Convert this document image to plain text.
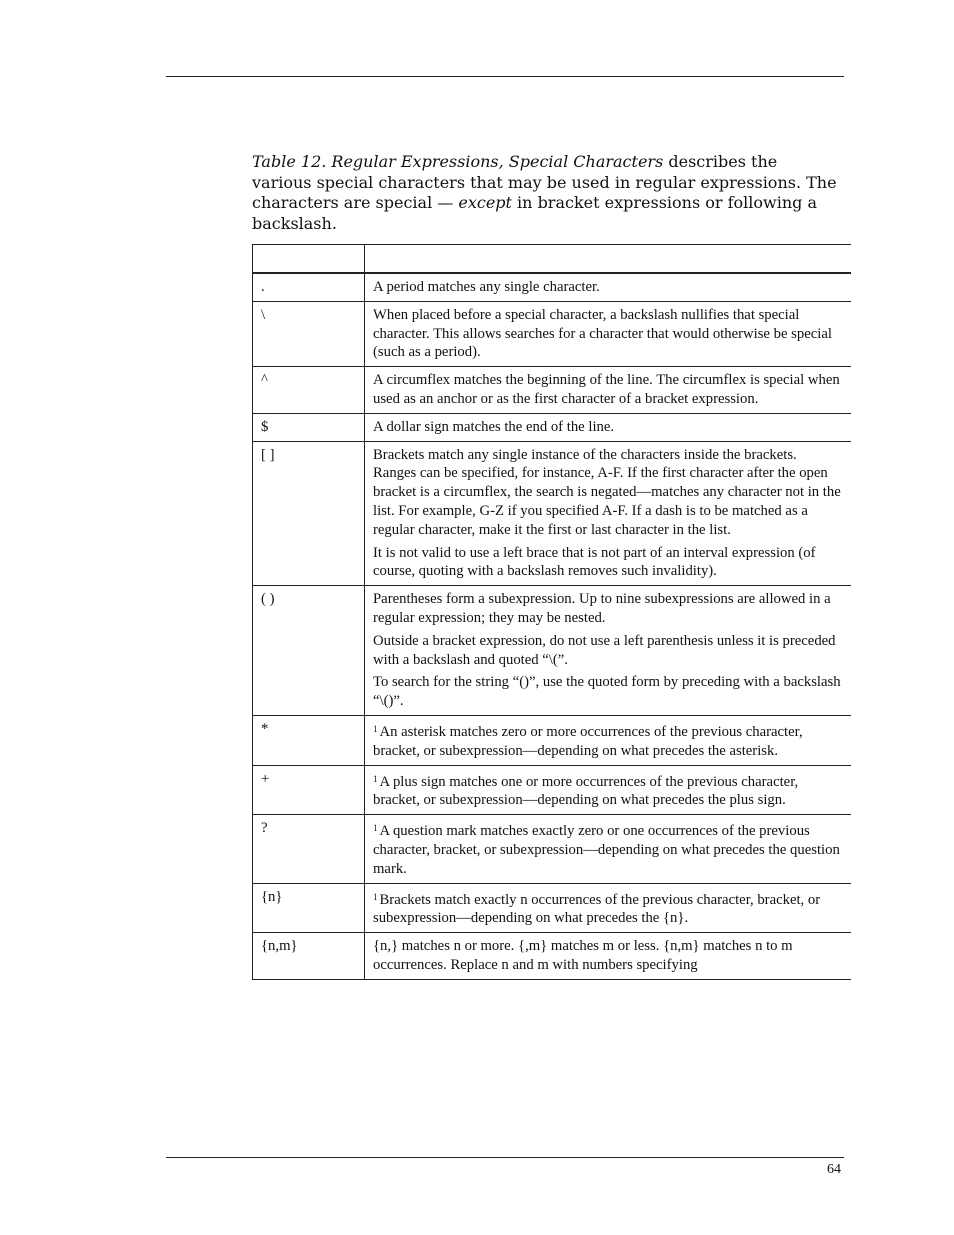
Table 12. Regular Expressions, Special Characters describes the various special characters that may be used in regular expressions. The characters are special — except in bracket expressions or following a backslash.

.	A period matches any single character.

\	When placed before a special character, a backslash nullifies that special character. This allows searches for a character that would otherwise be special (such as a period).

^	A circumflex matches the beginning of the line. The circumflex is special when used as an anchor or as the first character of a bracket expression.

$	A dollar sign matches the end of the line.

[ ]	Brackets match any single instance of the characters inside the brackets. Ranges can be specified, for instance, A-F. If the first character after the open bracket is a circumflex, the search is negated—matches any character not in the list. For example, G-Z if you specified A-F. If a dash is to be matched as a regular character, make it the first or last character in the list.

It is not valid to use a left brace that is not part of an interval expression (of course, quoting with a backslash removes such invalidity).

( )	Parentheses form a subexpression. Up to nine subexpressions are allowed in a regular expression; they may be nested.

Outside a bracket expression, do not use a left parenthesis unless it is preceded with a backslash and quoted “\(”.

To search for the string “()”, use the quoted form by preceding with a backslash “\()”.

*	$^1$ An asterisk matches zero or more occurrences of the previous character, bracket, or subexpression—depending on what precedes the asterisk.

+	$^1$ A plus sign matches one or more occurrences of the previous character, bracket, or subexpression—depending on what precedes the plus sign.

?	$^1$ A question mark matches exactly zero or one occurrences of the previous character, bracket, or subexpression—depending on what precedes the question mark.

{n}	$^1$ Brackets match exactly n occurrences of the previous character, bracket, or subexpression—depending on what precedes the {n}.

{n,m}	{n,} matches n or more. {,m} matches m or less. {n,m} matches n to m occurrences. Replace n and m with numbers specifying

64
